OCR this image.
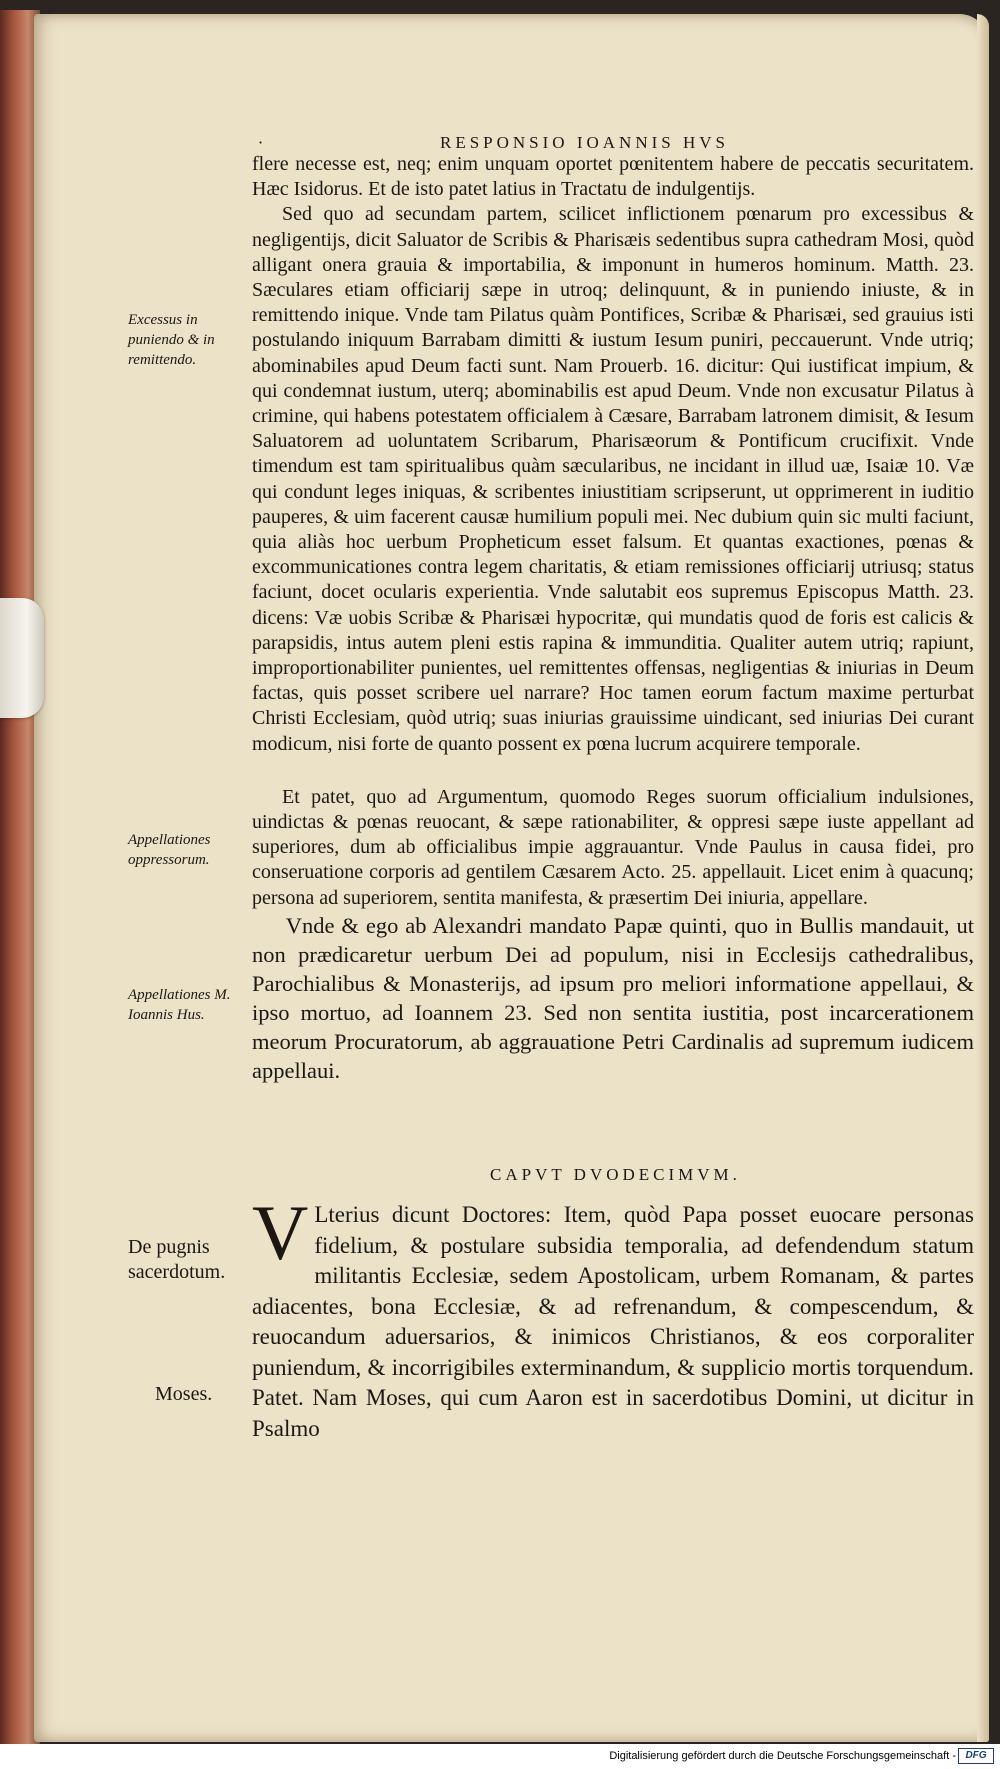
·	RESPONSIO IOANNIS HVS

flere necesse est, neq; enim unquam oportet pœnitentem habere de peccatis securitatem. Hæc Isidorus. Et de isto patet latius in Tractatu de indulgentijs.

Sed quo ad secundam partem, scilicet inflictionem pœnarum pro excessibus & negligentijs, dicit Saluator de Scribis & Pharisæis sedentibus supra cathedram Mosi, quòd alligant onera grauia & importabilia, & imponunt in humeros hominum. Matth. 23. Sæculares etiam officiarij sæpe in utroq; delinquunt, & in puniendo iniuste, & in remittendo inique. Vnde tam Pilatus quàm Pontifices, Scribæ & Pharisæi, sed grauius isti postulando iniquum Barrabam dimitti & iustum Iesum puniri, peccauerunt. Vnde utriq; abominabiles apud Deum facti sunt. Nam Prouerb. 16. dicitur: Qui iustificat impium, & qui condemnat iustum, uterq; abominabilis est apud Deum. Vnde non excusatur Pilatus à crimine, qui habens potestatem officialem à Cæsare, Barrabam latronem dimisit, & Iesum Saluatorem ad uoluntatem Scribarum, Pharisæorum & Pontificum crucifixit. Vnde timendum est tam spiritualibus quàm sæcularibus, ne incidant in illud uæ, Isaiæ 10. Væ qui condunt leges iniquas, & scribentes iniustitiam scripserunt, ut opprimerent in iuditio pauperes, & uim facerent causæ humilium populi mei. Nec dubium quin sic multi faciunt, quia aliàs hoc uerbum Propheticum esset falsum. Et quantas exactiones, pœnas & excommunicationes contra legem charitatis, & etiam remissiones officiarij utriusq; status faciunt, docet ocularis experientia. Vnde salutabit eos supremus Episcopus Matth. 23. dicens: Væ uobis Scribæ & Pharisæi hypocritæ, qui mundatis quod de foris est calicis & parapsidis, intus autem pleni estis rapina & immunditia. Qualiter autem utriq; rapiunt, improportionabiliter punientes, uel remittentes offensas, negligentias & iniurias in Deum factas, quis posset scribere uel narrare? Hoc tamen eorum factum maxime perturbat Christi Ecclesiam, quòd utriq; suas iniurias grauissime uindicant, sed iniurias Dei curant modicum, nisi forte de quanto possent ex pœna lucrum acquirere temporale.

Et patet, quo ad Argumentum, quomodo Reges suorum officialium indulsiones, uindictas & pœnas reuocant, & sæpe rationabiliter, & oppresi sæpe iuste appellant ad superiores, dum ab officialibus impie aggrauantur. Vnde Paulus in causa fidei, pro conseruatione corporis ad gentilem Cæsarem Acto. 25. appellauit. Licet enim à quacunq; persona ad superiorem, sentita manifesta, & præsertim Dei iniuria, appellare.

Vnde & ego ab Alexandri mandato Papæ quinti, quo in Bullis mandauit, ut non prædicaretur uerbum Dei ad populum, nisi in Ecclesijs cathedralibus, Parochialibus & Monasterijs, ad ipsum pro meliori informatione appellaui, & ipso mortuo, ad Ioannem 23. Sed non sentita iustitia, post incarcerationem meorum Procuratorum, ab aggrauatione Petri Cardinalis ad supremum iudicem appellaui.

Excessus in puniendo & in remittendo.
Appellationes oppressorum.
Appellationes M. Ioannis Hus.
De pugnis sacerdotum.
Moses.
CAPVT DVODECIMVM.
V Lterius dicunt Doctores: Item, quòd Papa posset euocare personas fidelium, & postulare subsidia temporalia, ad defendendum statum militantis Ecclesiæ, sedem Apostolicam, urbem Romanam, & partes adiacentes, bona Ecclesiæ, & ad refrenandum, & compescendum, & reuocandum aduersarios, & inimicos Christianos, & eos corporaliter puniendum, & incorrigibiles exterminandum, & supplicio mortis torquendum. Patet. Nam Moses, qui cum Aaron est in sacerdotibus Domini, ut dicitur in Psalmo
Digitalisierung gefördert durch die Deutsche Forschungsgemeinschaft - DFG
